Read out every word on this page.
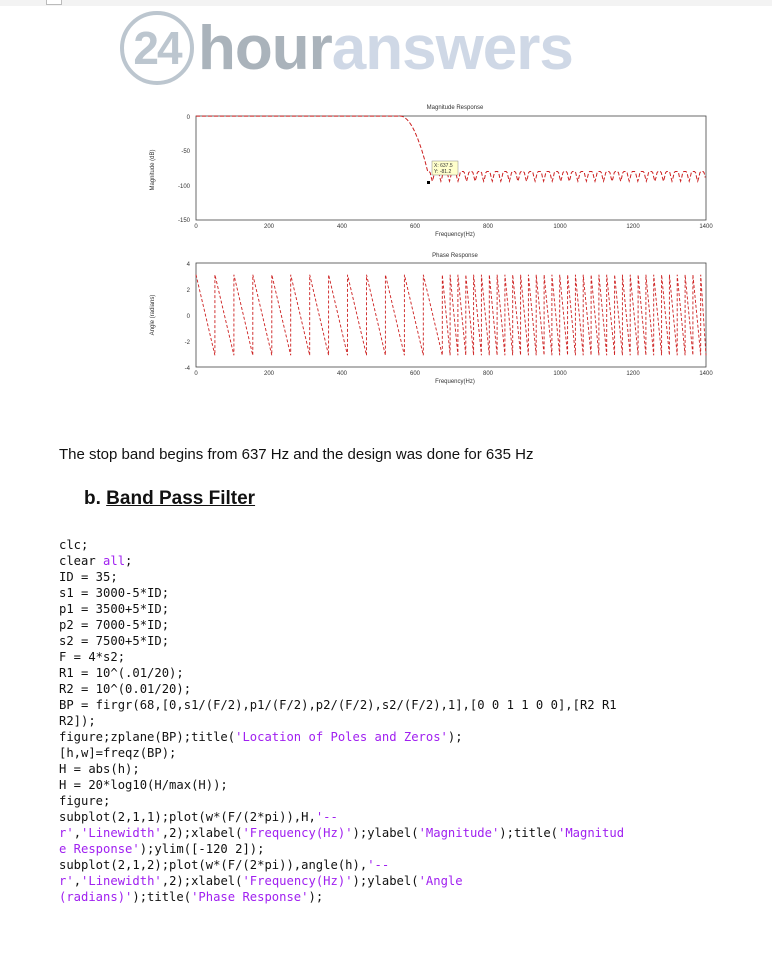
24 hour answers
Magnitude Response
Magnitude (dB)
0
-50
-100
-150
0	200	400	600	800	1000	1200	1400
Frequency(Hz)
X: 637.5
Y: -81.2
Phase Response
Angle (radians)
4
2
0
-2
-4
0	200	400	600	800	1000	1200	1400
Frequency(Hz)
The stop band begins from 637 Hz and the design was done for 635 Hz
b. Band Pass Filter
clc;
clear all;
ID = 35;
s1 = 3000-5*ID;
p1 = 3500+5*ID;
p2 = 7000-5*ID;
s2 = 7500+5*ID;
F = 4*s2;
R1 = 10^(.01/20);
R2 = 10^(0.01/20);
BP = firgr(68,[0,s1/(F/2),p1/(F/2),p2/(F/2),s2/(F/2),1],[0 0 1 1 0 0],[R2 R1
R2]);
figure;zplane(BP);title('Location of Poles and Zeros');
[h,w]=freqz(BP);
H = abs(h);
H = 20*log10(H/max(H));
figure;
subplot(2,1,1);plot(w*(F/(2*pi)),H,'--
r','Linewidth',2);xlabel('Frequency(Hz)');ylabel('Magnitude');title('Magnitud
e Response');ylim([-120 2]);
subplot(2,1,2);plot(w*(F/(2*pi)),angle(h),'--
r','Linewidth',2);xlabel('Frequency(Hz)');ylabel('Angle
(radians)');title('Phase Response');
